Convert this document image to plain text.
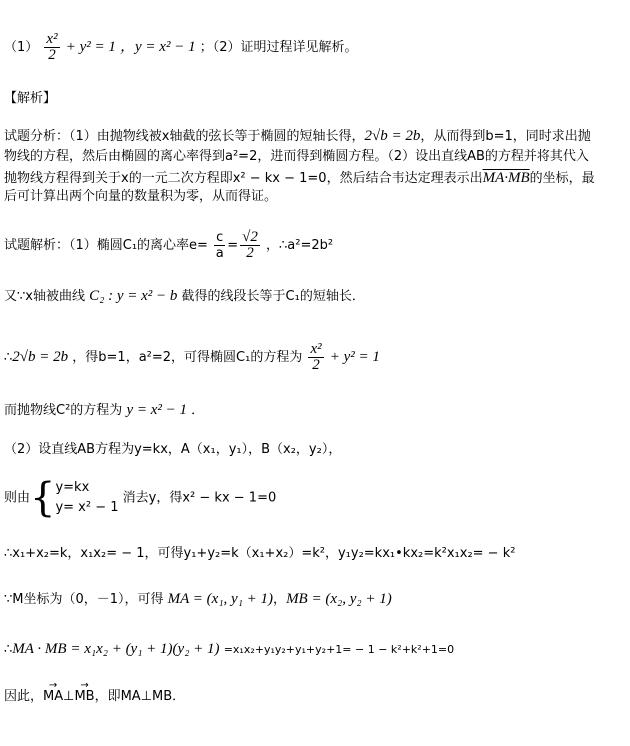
$(1) \frac{\text{x²}}{2} + y^2 = 1$ ，y = x² − 1 ；（2）证明过程详见解析。
【解析】
试题分析：（1）由抛物线被x轴截的弦长等于椭圆的短轴长得，2√b = 2b，从而得到b=1，同时求出抛
物线的方程，然后由椭圆的离心率得到a²=2，进而得到椭圆方程。（2）设出直线AB的方程并将其代入
抛物线方程得到关于x的一元二次方程即x² − kx − 1=0，然后结合韦达定理表示出MA·MB的坐标，最
后可计算出两个向量的数量积为零，从而得证。
试题解析：（1）椭圆C₁的离心率$e= \frac{c}{a} = \frac{√2}{2}$ ，∴a²=2b²
又∵x轴被曲线 C₂ : y = x² − b 截得的线段长等于C₁的短轴长．
∴2√b = 2b ，得b=1，a²=2，可得椭圆C₁的方程为 $\frac{\text{x²}}{2} + y^2 = 1$
而抛物线C²的方程为 y = x² − 1 ．
（2）设直线AB方程为y=kx，A（x₁，y₁），B（x₂，y₂），
则由{ y=kx
y= x² − 1
消去y，得x² − kx − 1=0
∴x₁+x₂=k，x₁x₂= − 1，可得y₁+y₂=k（x₁+x₂）=k²，y₁y₂=kx₁•kx₂=k²x₁x₂= − k²
∵M坐标为（0，－1），可得 MA = (x₁, y₁ + 1)，MB = (x₂, y₂ + 1)
∴MA · MB = x₁x₂ + (y₁ + 1)(y₂ + 1) =x₁x₂+y₁y₂+y₁+y₂+1= − 1 − k²+k²+1=0
因此，→ MA⊥→ MB，即MA⊥MB．
